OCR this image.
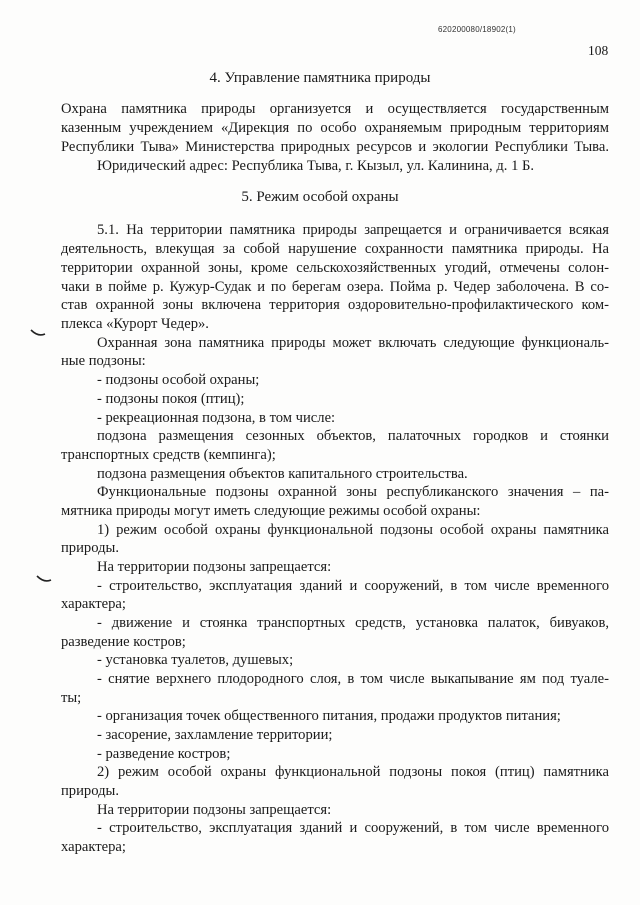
620200080/18902(1)
108
4. Управление памятника природы
Охрана памятника природы организуется и осуществляется государственным
казенным учреждением «Дирекция по особо охраняемым природным территориям
Республики Тыва» Министерства природных ресурсов и экологии Республики Тыва.
Юридический адрес: Республика Тыва, г. Кызыл, ул. Калинина, д. 1 Б.
5. Режим особой охраны
5.1. На территории памятника природы запрещается и ограничивается всякая
деятельность, влекущая за собой нарушение сохранности памятника природы. На
территории охранной зоны, кроме сельскохозяйственных угодий, отмечены солон-
чаки в пойме р. Кужур-Судак и по берегам озера. Пойма р. Чедер заболочена. В со-
став охранной зоны включена территория оздоровительно-профилактического ком-
плекса «Курорт Чедер».
Охранная зона памятника природы может включать следующие функциональ-
ные подзоны:
- подзоны особой охраны;
- подзоны покоя (птиц);
- рекреационная подзона, в том числе:
подзона размещения сезонных объектов, палаточных городков и стоянки
транспортных средств (кемпинга);
подзона размещения объектов капитального строительства.
Функциональные подзоны охранной зоны республиканского значения – па-
мятника природы могут иметь следующие режимы особой охраны:
1) режим особой охраны функциональной подзоны особой охраны памятника
природы.
На территории подзоны запрещается:
- строительство, эксплуатация зданий и сооружений, в том числе временного
характера;
- движение и стоянка транспортных средств, установка палаток, бивуаков,
разведение костров;
- установка туалетов, душевых;
- снятие верхнего плодородного слоя, в том числе выкапывание ям под туале-
ты;
- организация точек общественного питания, продажи продуктов питания;
- засорение, захламление территории;
- разведение костров;
2) режим особой охраны функциональной подзоны покоя (птиц) памятника
природы.
На территории подзоны запрещается:
- строительство, эксплуатация зданий и сооружений, в том числе временного
характера;
